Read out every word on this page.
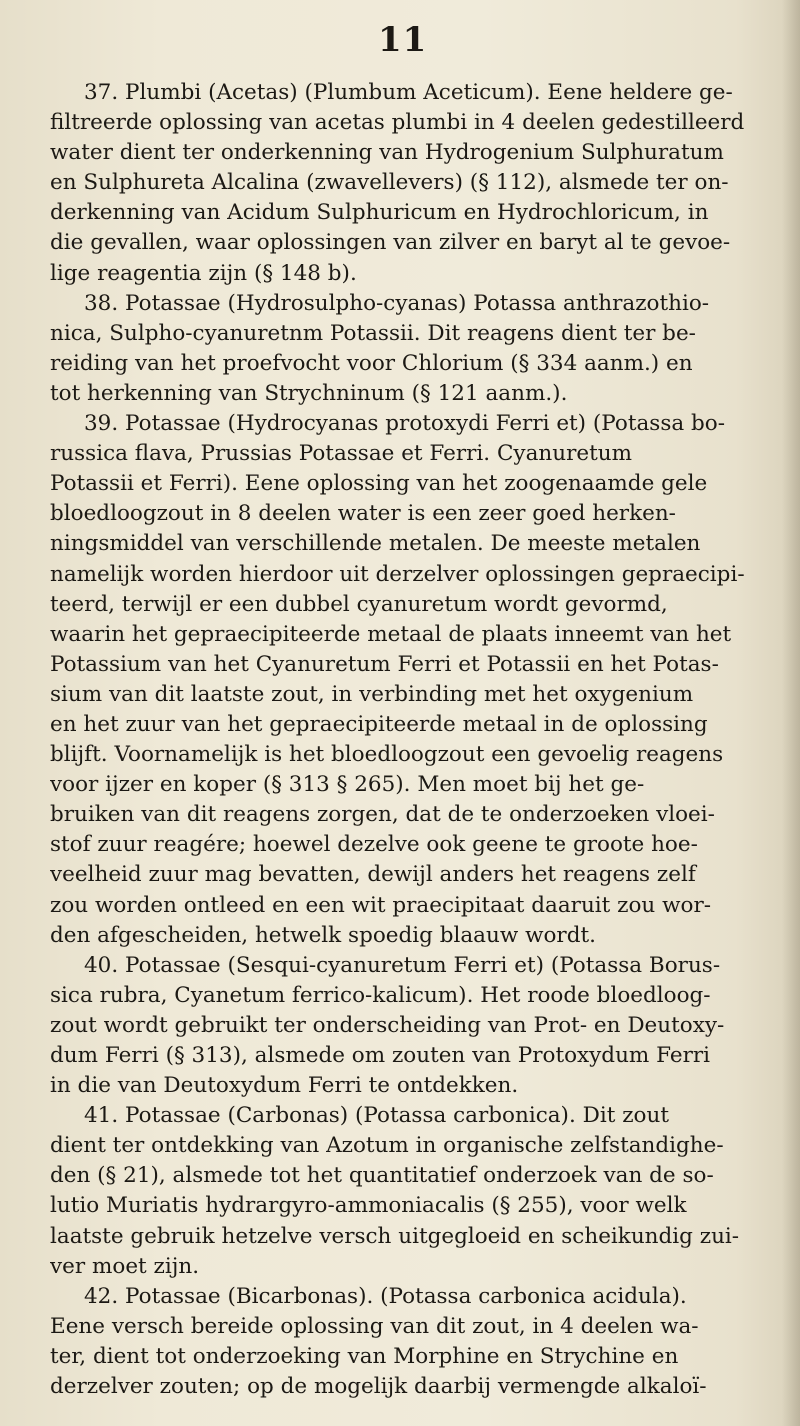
11
37. Plumbi (Acetas) (Plumbum Aceticum). Eene heldere ge-
filtreerde oplossing van acetas plumbi in 4 deelen gedestilleerd
water dient ter onderkenning van Hydrogenium Sulphuratum
en Sulphureta Alcalina (zwavellevers) (§ 112), alsmede ter on-
derkenning van Acidum Sulphuricum en Hydrochloricum, in
die gevallen, waar oplossingen van zilver en baryt al te gevoe-
lige reagentia zijn (§ 148 b).
38. Potassae (Hydrosulpho-cyanas) Potassa anthrazothio-
nica, Sulpho-cyanuretnm Potassii. Dit reagens dient ter be-
reiding van het proefvocht voor Chlorium (§ 334 aanm.) en
tot herkenning van Strychninum (§ 121 aanm.).
39. Potassae (Hydrocyanas protoxydi Ferri et) (Potassa bo-
russica flava, Prussias Potassae et Ferri. Cyanuretum
Potassii et Ferri). Eene oplossing van het zoogenaamde gele
bloedloogzout in 8 deelen water is een zeer goed herken-
ningsmiddel van verschillende metalen. De meeste metalen
namelijk worden hierdoor uit derzelver oplossingen gepraecipi-
teerd, terwijl er een dubbel cyanuretum wordt gevormd,
waarin het gepraecipiteerde metaal de plaats inneemt van het
Potassium van het Cyanuretum Ferri et Potassii en het Potas-
sium van dit laatste zout, in verbinding met het oxygenium
en het zuur van het gepraecipiteerde metaal in de oplossing
blijft. Voornamelijk is het bloedloogzout een gevoelig reagens
voor ijzer en koper (§ 313 § 265). Men moet bij het ge-
bruiken van dit reagens zorgen, dat de te onderzoeken vloei-
stof zuur reagére; hoewel dezelve ook geene te groote hoe-
veelheid zuur mag bevatten, dewijl anders het reagens zelf
zou worden ontleed en een wit praecipitaat daaruit zou wor-
den afgescheiden, hetwelk spoedig blaauw wordt.
40. Potassae (Sesqui-cyanuretum Ferri et) (Potassa Borus-
sica rubra, Cyanetum ferrico-kalicum). Het roode bloedloog-
zout wordt gebruikt ter onderscheiding van Prot- en Deutoxy-
dum Ferri (§ 313), alsmede om zouten van Protoxydum Ferri
in die van Deutoxydum Ferri te ontdekken.
41. Potassae (Carbonas) (Potassa carbonica). Dit zout
dient ter ontdekking van Azotum in organische zelfstandighe-
den (§ 21), alsmede tot het quantitatief onderzoek van de so-
lutio Muriatis hydrargyro-ammoniacalis (§ 255), voor welk
laatste gebruik hetzelve versch uitgegloeid en scheikundig zui-
ver moet zijn.
42. Potassae (Bicarbonas). (Potassa carbonica acidula).
Eene versch bereide oplossing van dit zout, in 4 deelen wa-
ter, dient tot onderzoeking van Morphine en Strychine en
derzelver zouten; op de mogelijk daarbij vermengde alkaloï-
